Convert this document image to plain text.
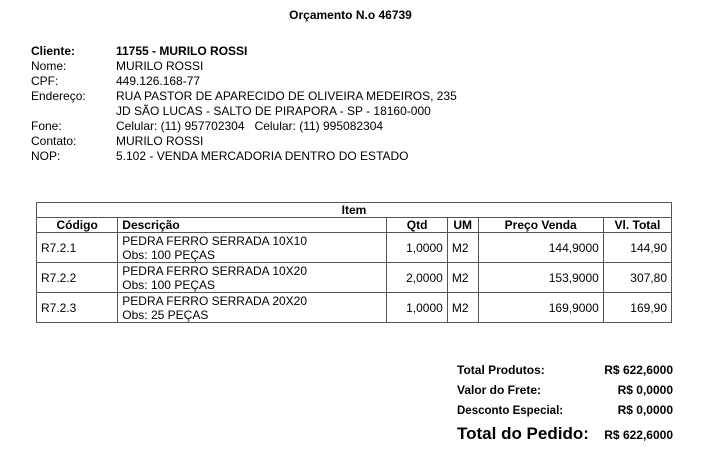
Orçamento N.o 46739
Cliente:	11755 - MURILO ROSSI
Nome:	MURILO ROSSI
CPF:	449.126.168-77
Endereço:	RUA PASTOR DE APARECIDO DE OLIVEIRA MEDEIROS, 235
JD SÃO LUCAS - SALTO DE PIRAPORA - SP - 18160-000
Fone:	Celular: (11) 957702304   Celular: (11) 995082304
Contato:	MURILO ROSSI
NOP:	5.102 - VENDA MERCADORIA DENTRO DO ESTADO
Item					
Código	Descrição	Qtd	UM	Preço Venda	Vl. Total
R7.2.1	PEDRA FERRO SERRADA 10X10
Obs: 100 PEÇAS	1,0000	M2	144,9000	144,90
R7.2.2	PEDRA FERRO SERRADA 10X20
Obs: 100 PEÇAS	2,0000	M2	153,9000	307,80
R7.2.3	PEDRA FERRO SERRADA 20X20
Obs: 25 PEÇAS	1,0000	M2	169,9000	169,90
Total Produtos:	R$ 622,6000
Valor do Frete:	R$ 0,0000
Desconto Especial:	R$ 0,0000
Total do Pedido:	R$ 622,6000
